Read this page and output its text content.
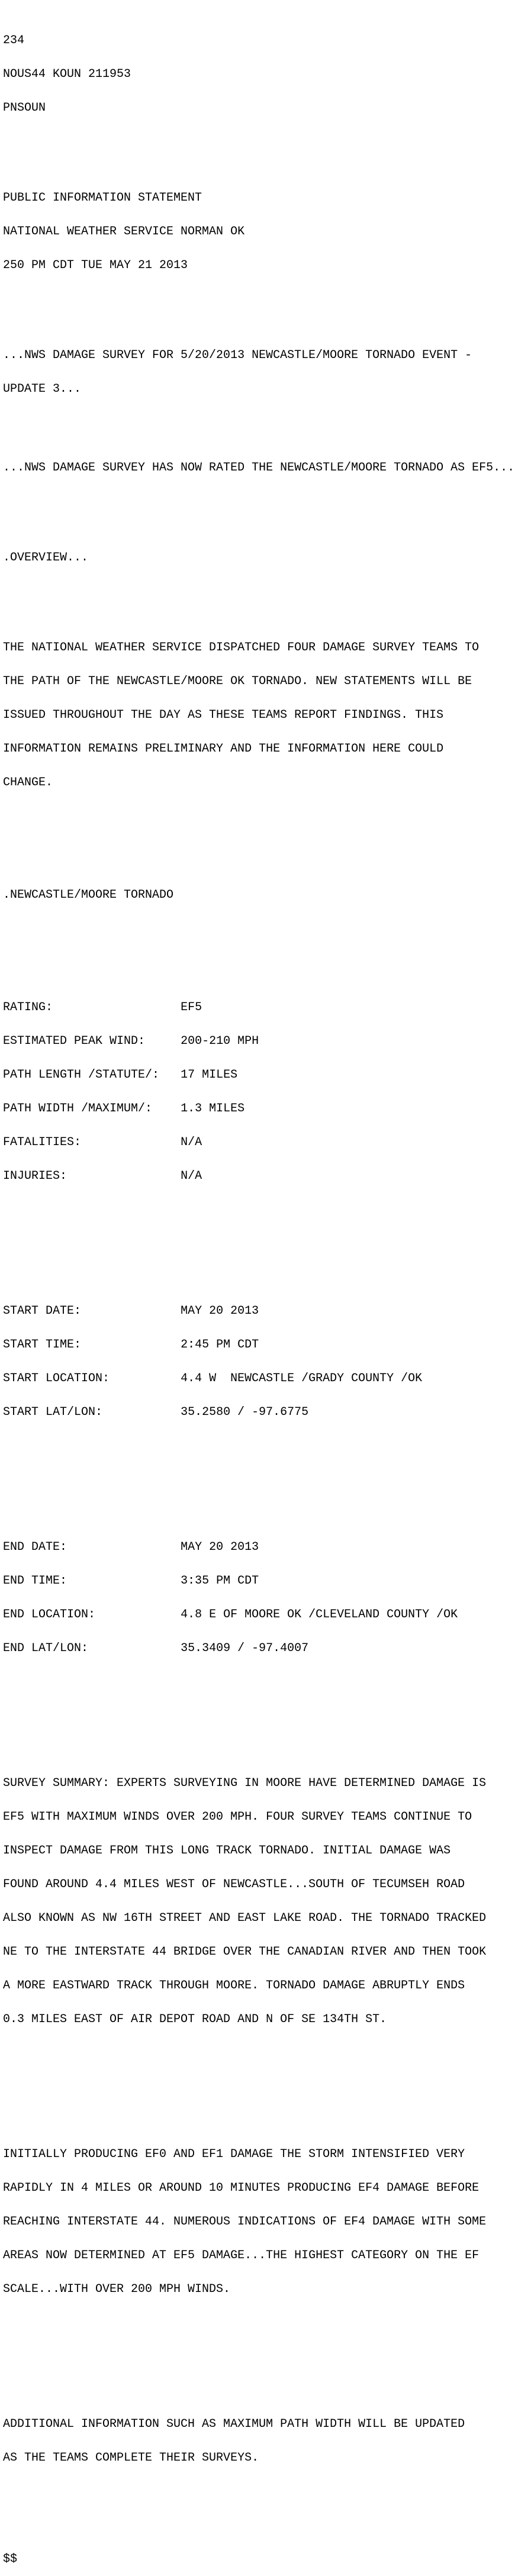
234

NOUS44 KOUN 211953

PNSOUN

PUBLIC INFORMATION STATEMENT

NATIONAL WEATHER SERVICE NORMAN OK

250 PM CDT TUE MAY 21 2013

...NWS DAMAGE SURVEY FOR 5/20/2013 NEWCASTLE/MOORE TORNADO EVENT -

UPDATE 3...

...NWS DAMAGE SURVEY HAS NOW RATED THE NEWCASTLE/MOORE TORNADO AS EF5...

.OVERVIEW...

THE NATIONAL WEATHER SERVICE DISPATCHED FOUR DAMAGE SURVEY TEAMS TO

THE PATH OF THE NEWCASTLE/MOORE OK TORNADO. NEW STATEMENTS WILL BE

ISSUED THROUGHOUT THE DAY AS THESE TEAMS REPORT FINDINGS. THIS

INFORMATION REMAINS PRELIMINARY AND THE INFORMATION HERE COULD

CHANGE.

.NEWCASTLE/MOORE TORNADO

RATING:                  EF5

ESTIMATED PEAK WIND:     200-210 MPH

PATH LENGTH /STATUTE/:   17 MILES

PATH WIDTH /MAXIMUM/:    1.3 MILES

FATALITIES:              N/A

INJURIES:                N/A

START DATE:              MAY 20 2013

START TIME:              2:45 PM CDT

START LOCATION:          4.4 W  NEWCASTLE /GRADY COUNTY /OK

START LAT/LON:           35.2580 / -97.6775

END DATE:                MAY 20 2013

END TIME:                3:35 PM CDT

END LOCATION:            4.8 E OF MOORE OK /CLEVELAND COUNTY /OK

END LAT/LON:             35.3409 / -97.4007

SURVEY SUMMARY: EXPERTS SURVEYING IN MOORE HAVE DETERMINED DAMAGE IS

EF5 WITH MAXIMUM WINDS OVER 200 MPH. FOUR SURVEY TEAMS CONTINUE TO

INSPECT DAMAGE FROM THIS LONG TRACK TORNADO. INITIAL DAMAGE WAS

FOUND AROUND 4.4 MILES WEST OF NEWCASTLE...SOUTH OF TECUMSEH ROAD

ALSO KNOWN AS NW 16TH STREET AND EAST LAKE ROAD. THE TORNADO TRACKED

NE TO THE INTERSTATE 44 BRIDGE OVER THE CANADIAN RIVER AND THEN TOOK

A MORE EASTWARD TRACK THROUGH MOORE. TORNADO DAMAGE ABRUPTLY ENDS

0.3 MILES EAST OF AIR DEPOT ROAD AND N OF SE 134TH ST.

INITIALLY PRODUCING EF0 AND EF1 DAMAGE THE STORM INTENSIFIED VERY

RAPIDLY IN 4 MILES OR AROUND 10 MINUTES PRODUCING EF4 DAMAGE BEFORE

REACHING INTERSTATE 44. NUMEROUS INDICATIONS OF EF4 DAMAGE WITH SOME

AREAS NOW DETERMINED AT EF5 DAMAGE...THE HIGHEST CATEGORY ON THE EF

SCALE...WITH OVER 200 MPH WINDS.

ADDITIONAL INFORMATION SUCH AS MAXIMUM PATH WIDTH WILL BE UPDATED

AS THE TEAMS COMPLETE THEIR SURVEYS.

$$
